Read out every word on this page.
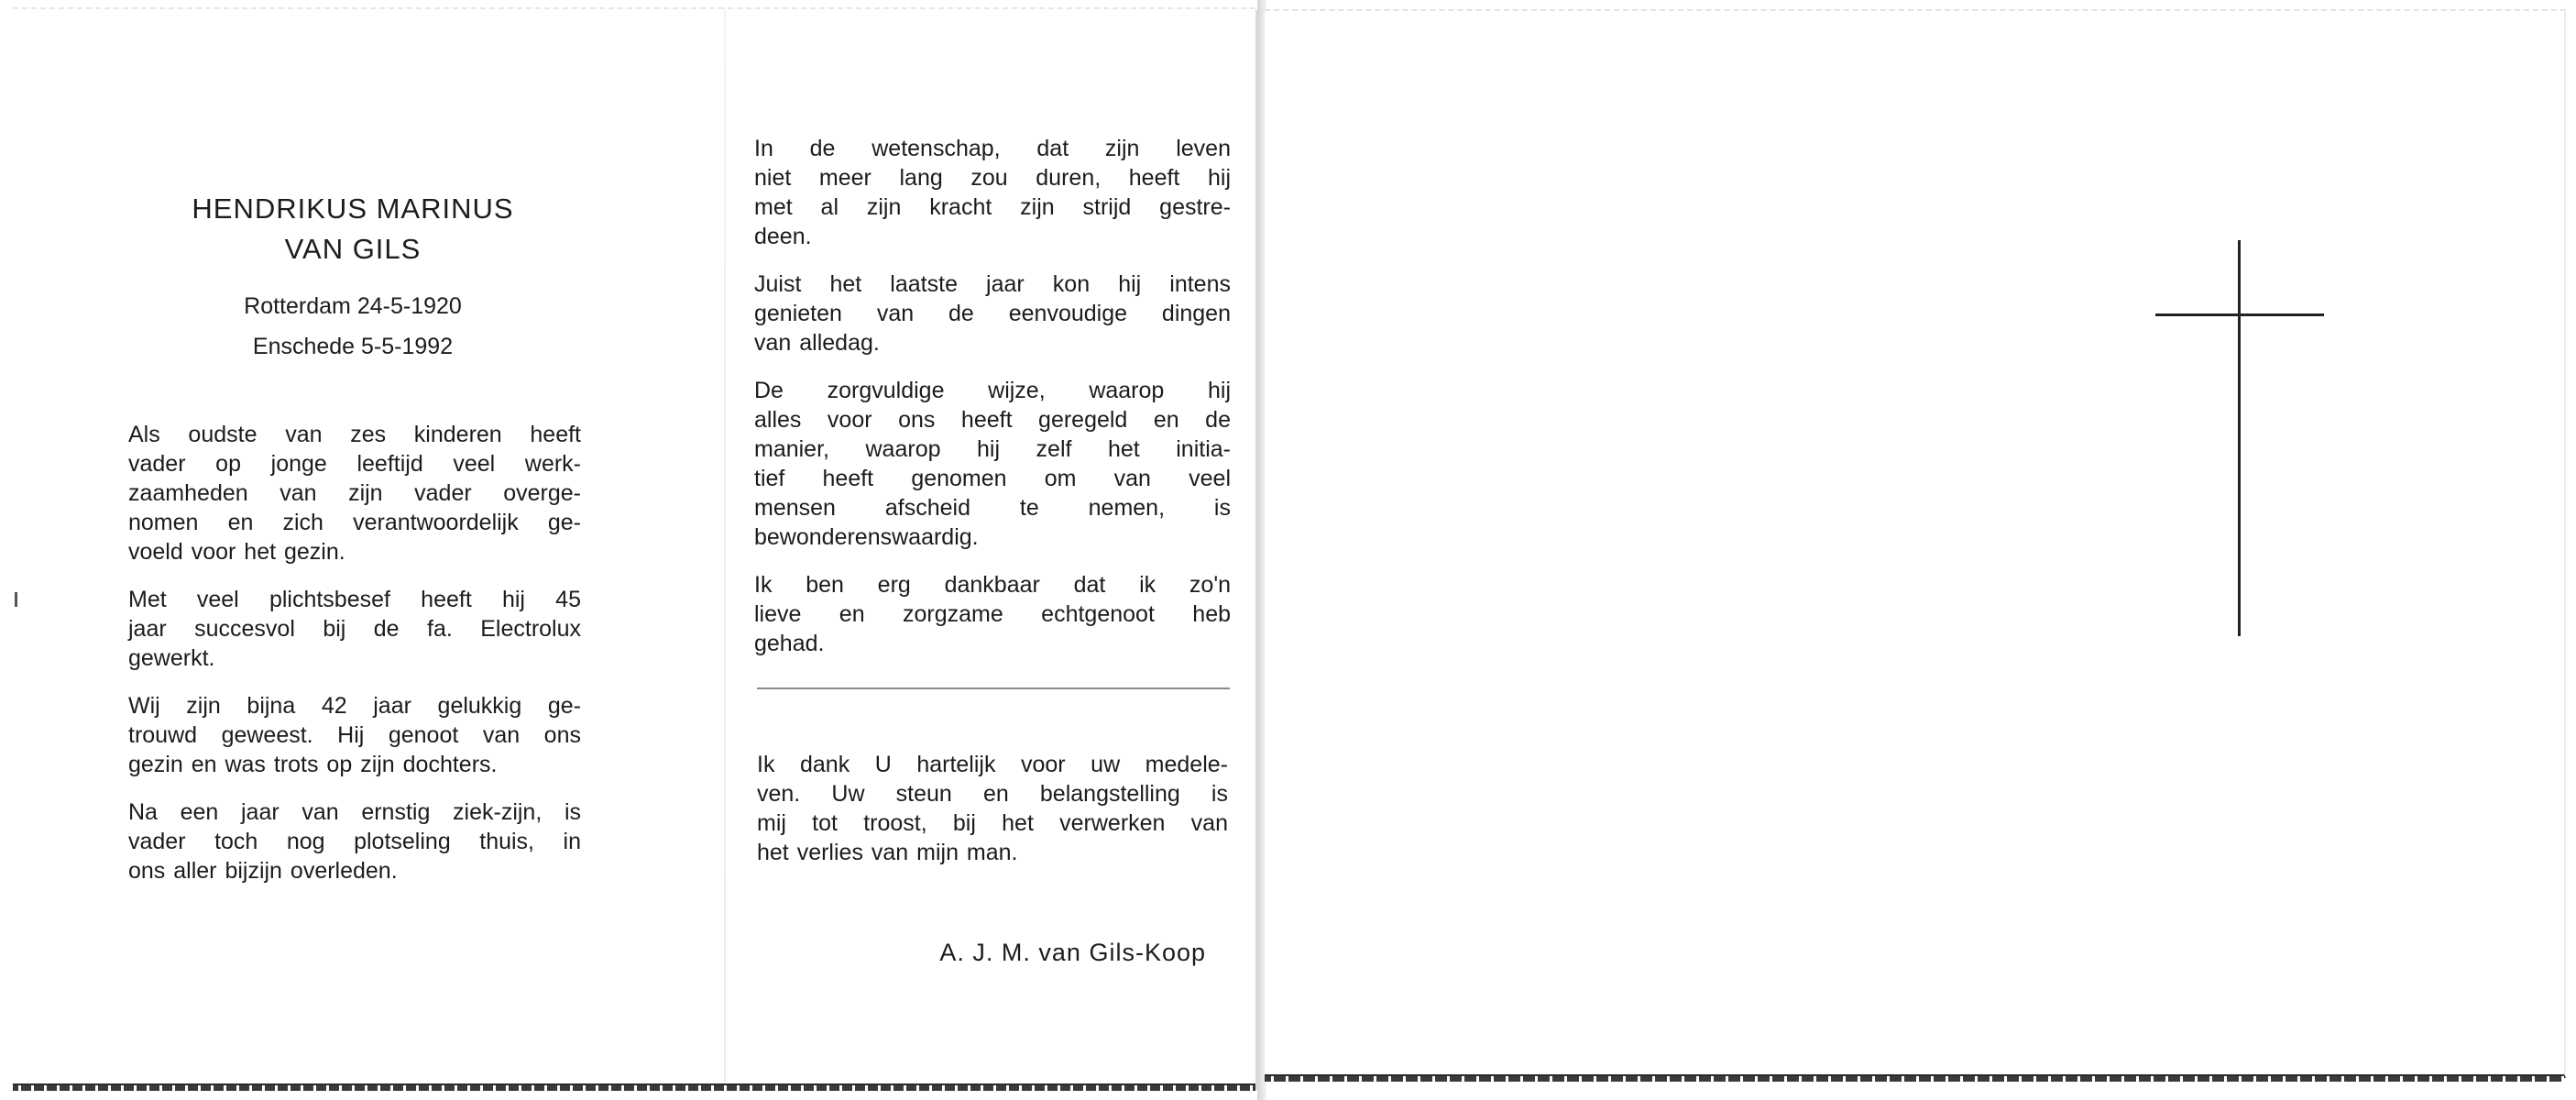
HENDRIKUS MARINUS
VAN GILS
Rotterdam 24-5-1920
Enschede 5-5-1992
Als oudste van zes kinderen heeft
vader op jonge leeftijd veel werk-
zaamheden van zijn vader overge-
nomen en zich verantwoordelijk ge-
voeld voor het gezin.
Met veel plichtsbesef heeft hij 45
jaar succesvol bij de fa. Electrolux
gewerkt.
Wij zijn bijna 42 jaar gelukkig ge-
trouwd geweest. Hij genoot van ons
gezin en was trots op zijn dochters.
Na een jaar van ernstig ziek-zijn, is
vader toch nog plotseling thuis, in
ons aller bijzijn overleden.
In de wetenschap, dat zijn leven
niet meer lang zou duren, heeft hij
met al zijn kracht zijn strijd gestre-
deen.
Juist het laatste jaar kon hij intens
genieten van de eenvoudige dingen
van alledag.
De zorgvuldige wijze, waarop hij
alles voor ons heeft geregeld en de
manier, waarop hij zelf het initia-
tief heeft genomen om van veel
mensen afscheid te nemen, is
bewonderenswaardig.
Ik ben erg dankbaar dat ik zo'n
lieve en zorgzame echtgenoot heb
gehad.
Ik dank U hartelijk voor uw medele-
ven. Uw steun en belangstelling is
mij tot troost, bij het verwerken van
het verlies van mijn man.
A. J. M. van Gils-Koop
